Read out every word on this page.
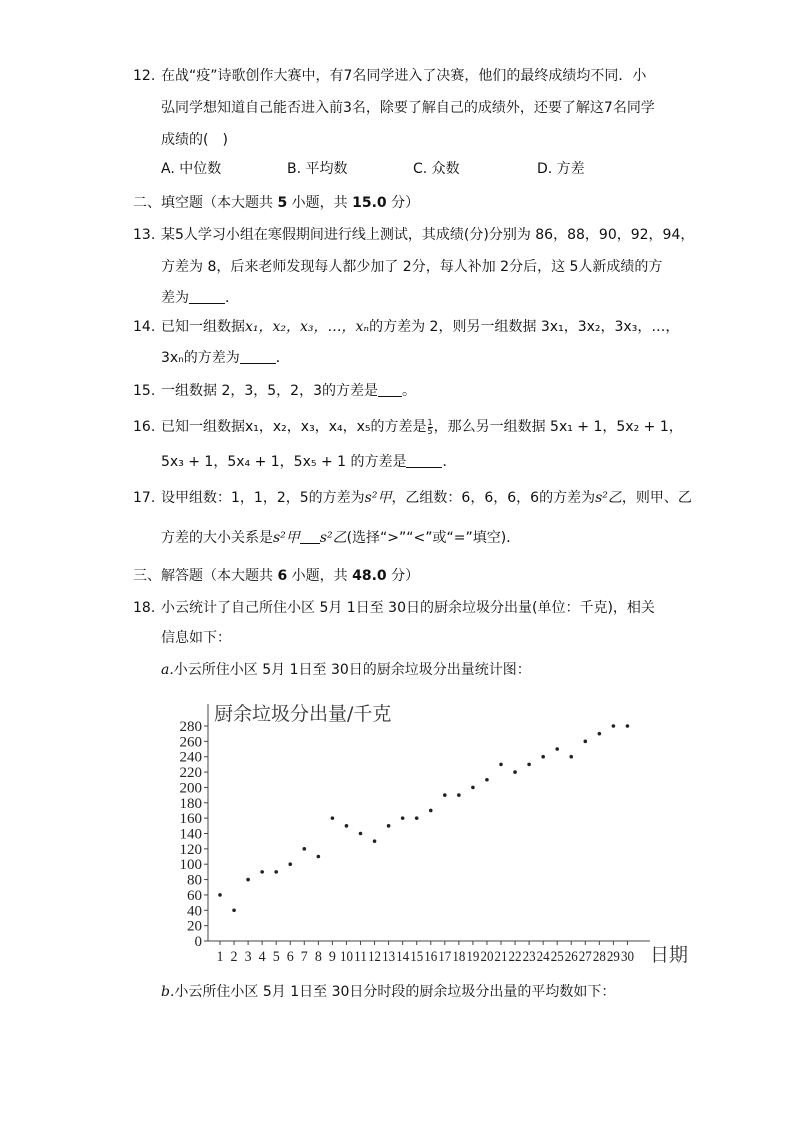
12. 在战“疫”诗歌创作大赛中，有7名同学进入了决赛，他们的最终成绩均不同．小
弘同学想知道自己能否进入前3名，除要了解自己的成绩外，还要了解这7名同学
成绩的(　)
A. 中位数	B. 平均数	C. 众数	D. 方差
二、填空题（本大题共 5 小题，共 15.0 分）
13. 某5人学习小组在寒假期间进行线上测试，其成绩(分)分别为 86，88，90，92，94，
方差为 8，后来老师发现每人都少加了 2分，每人补加 2分后，这 5人新成绩的方
差为	．
14. 已知一组数据x₁，x₂，x₃，…，xₙ的方差为 2，则另一组数据 3x₁，3x₂，3x₃，…，
3xₙ的方差为	．
15. 一组数据 2，3，5，2，3的方差是 。
16. 已知一组数据x₁，x₂，x₃，x₄，x₅的方差是 $\frac{1}{5}$ ，那么另一组数据 5x₁ + 1，5x₂ + 1，
5x₃ + 1，5x₄ + 1，5x₅ + 1 的方差是	．
17. 设甲组数：1，1，2，5的方差为s²甲，乙组数：6，6，6，6的方差为s²乙，则甲、乙
方差的大小关系是s²甲 s²乙(选择“>”“<”或“=”填空)．
三、解答题（本大题共 6 小题，共 48.0 分）
18. 小云统计了自己所住小区 5月 1日至 30日的厨余垃圾分出量(单位：千克)，相关
信息如下：
a.小云所住小区 5月 1日至 30日的厨余垃圾分出量统计图：
0
20
40
60
80
100
120
140
160
180
200
220
240
260
280
1 2 3 4 5 6 7 8 9 10 11 12 13 14 15 16 17 18 19 20 21 22 23 24 25 26 27 28 29 30
厨余垃圾分出量/千克
日期
b.小云所住小区 5月 1日至 30日分时段的厨余垃圾分出量的平均数如下：
